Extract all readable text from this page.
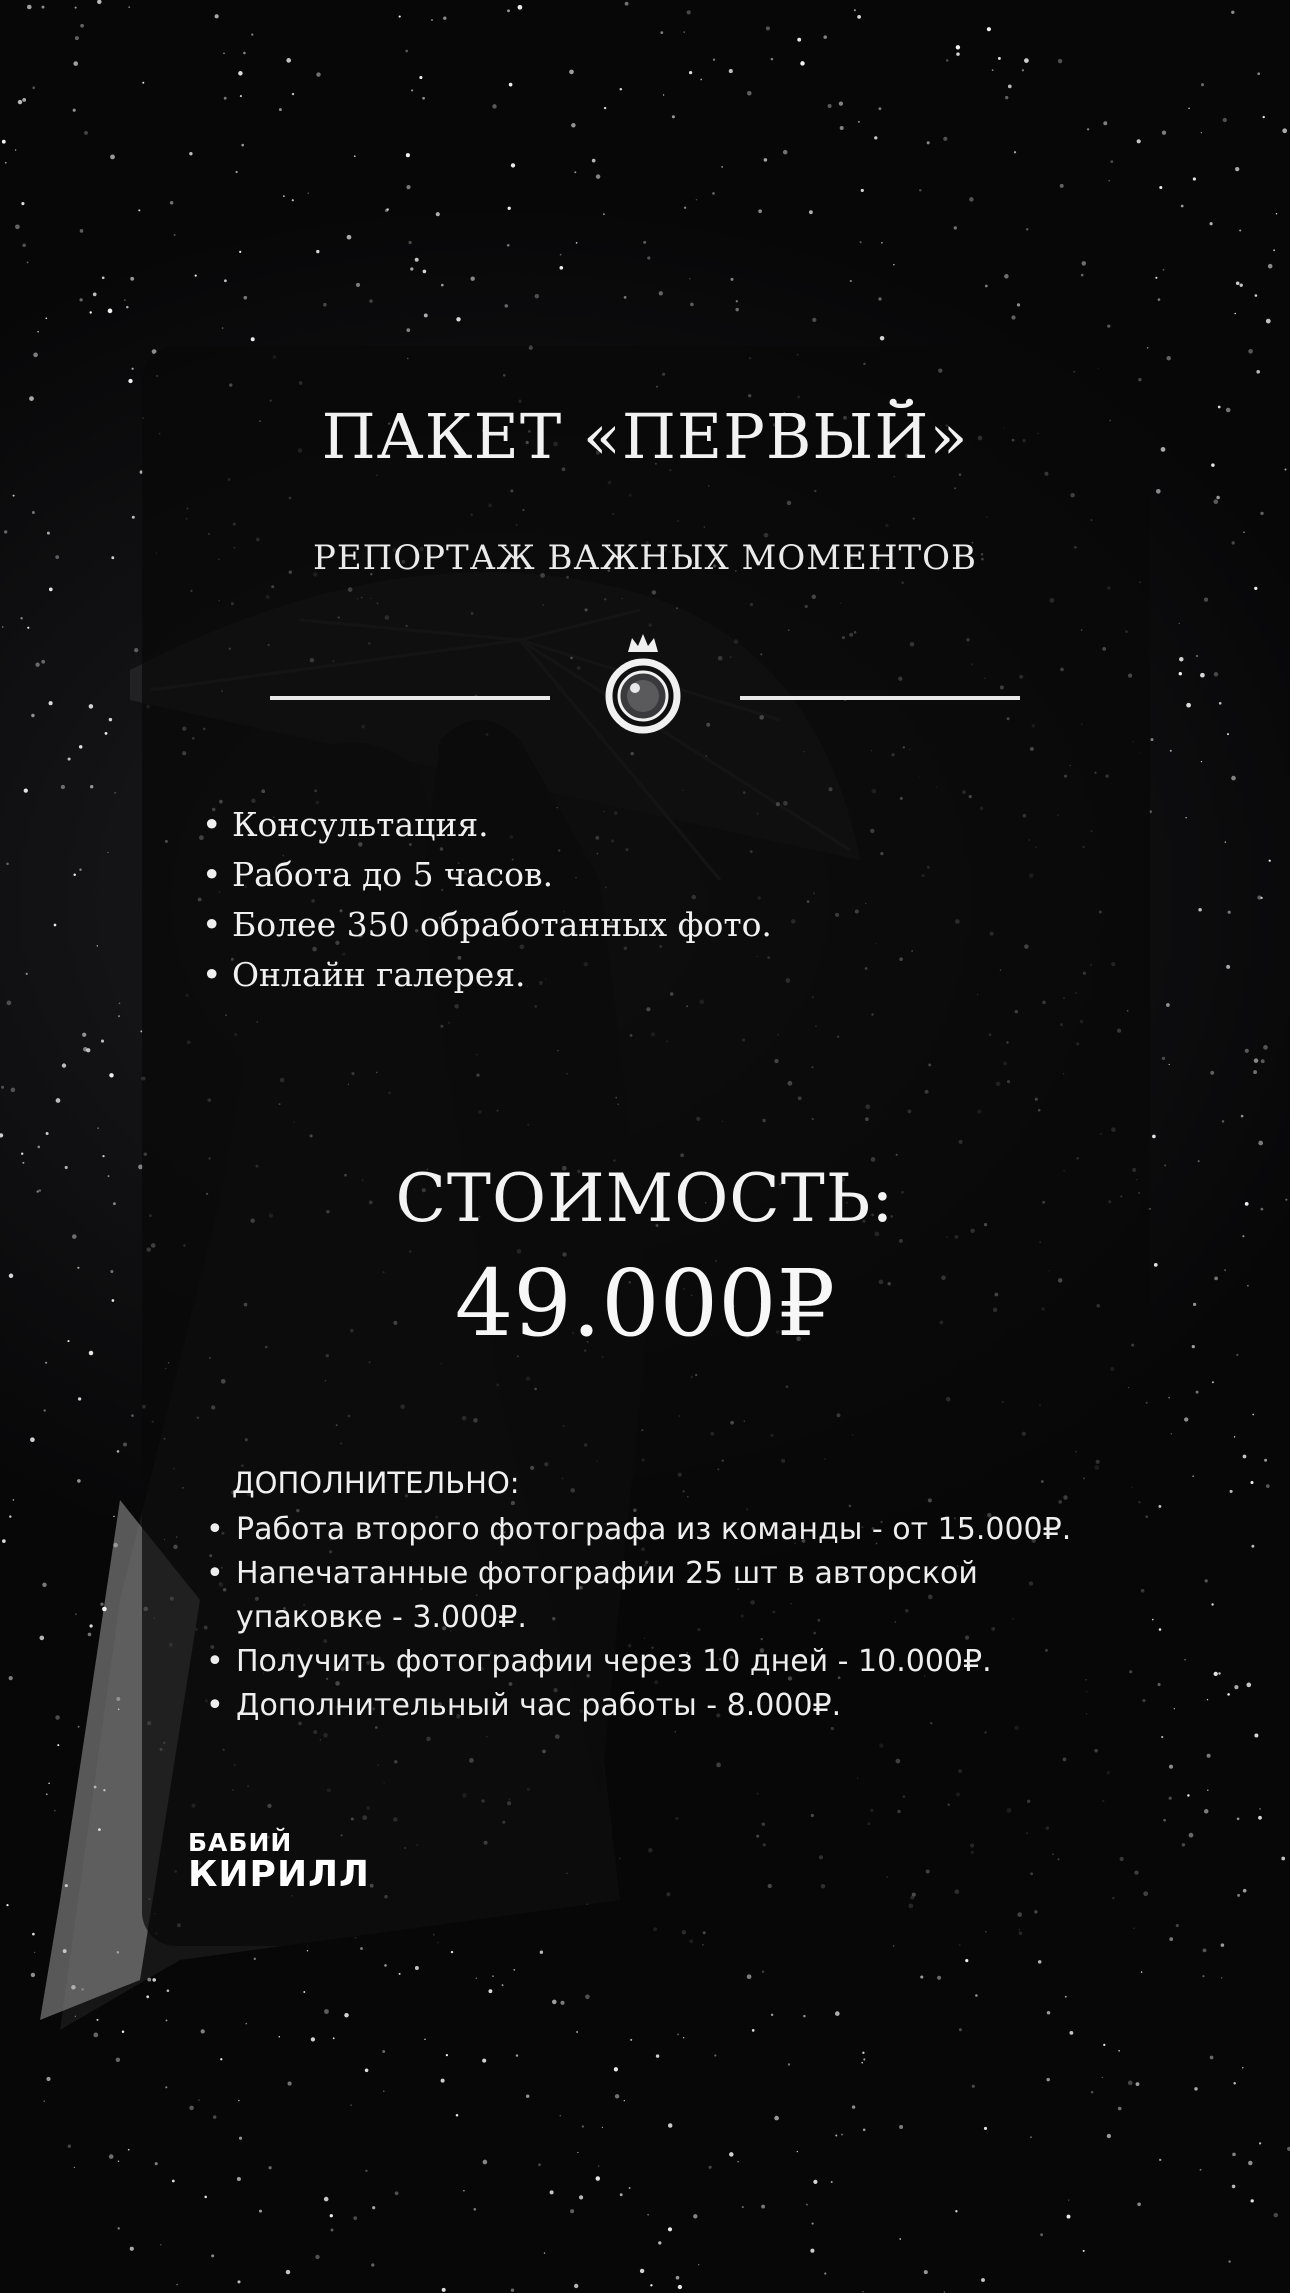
ПАКЕТ «ПЕРВЫЙ»
РЕПОРТАЖ ВАЖНЫХ МОМЕНТОВ
• Консультация.
• Работа до 5 часов.
• Более 350 обработанных фото.
• Онлайн галерея.
СТОИМОСТЬ:
49.000₽
ДОПОЛНИТЕЛЬНО:
• Работа второго фотографа из команды - от 15.000₽.
• Напечатанные фотографии 25 шт в авторской упаковке - 3.000₽.
• Получить фотографии через 10 дней - 10.000₽.
• Дополнительный час работы - 8.000₽.
БАБИЙ
КИРИЛЛ
